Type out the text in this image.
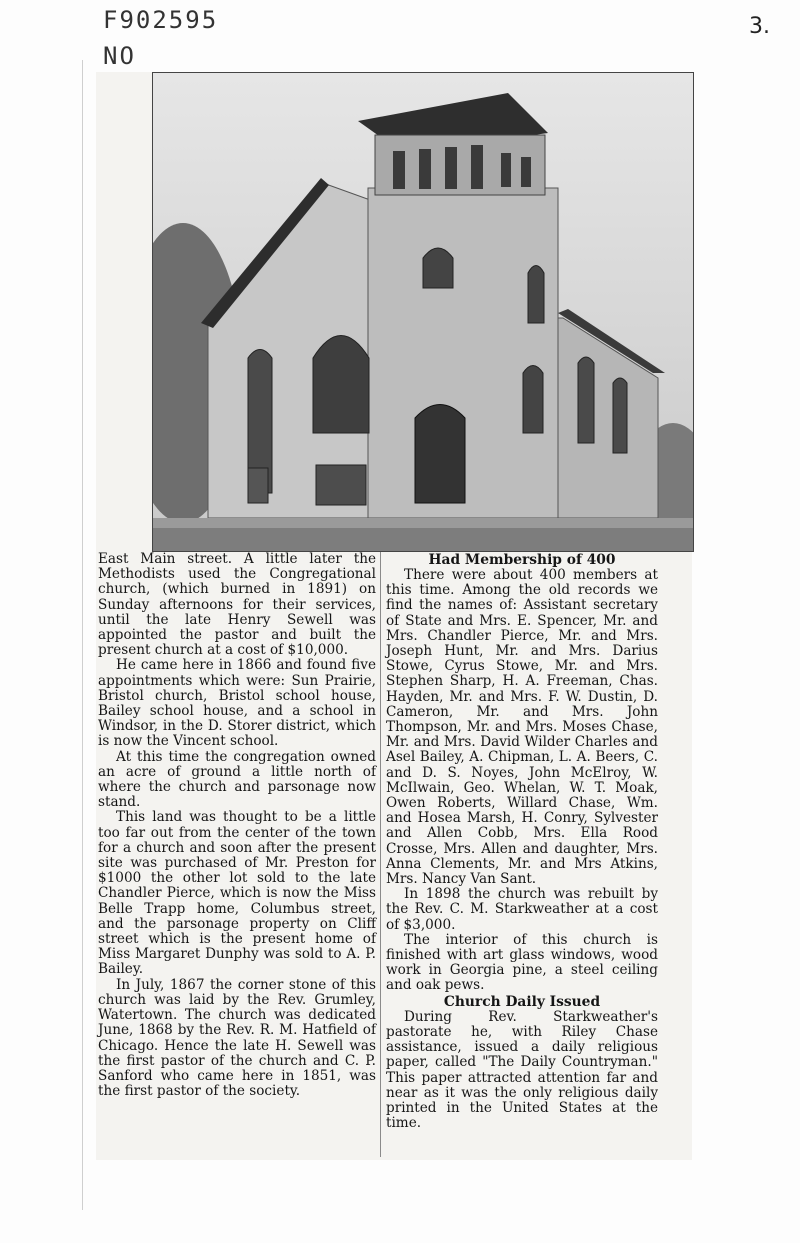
F902595
NO
3.

East Main street. A little later the Methodists used the Congregational church, (which burned in 1891) on Sunday afternoons for their services, until the late Henry Sewell was appointed the pastor and built the present church at a cost of $10,000.

He came here in 1866 and found five appointments which were: Sun Prairie, Bristol church, Bristol school house, Bailey school house, and a school in Windsor, in the D. Storer district, which is now the Vincent school.

At this time the congregation owned an acre of ground a little north of where the church and parsonage now stand.

This land was thought to be a little too far out from the center of the town for a church and soon after the present site was purchased of Mr. Preston for $1000 the other lot sold to the late Chandler Pierce, which is now the Miss Belle Trapp home, Columbus street, and the parsonage property on Cliff street which is the present home of Miss Margaret Dunphy was sold to A. P. Bailey.

In July, 1867 the corner stone of this church was laid by the Rev. Grumley, Watertown. The church was dedicated June, 1868 by the Rev. R. M. Hatfield of Chicago. Hence the late H. Sewell was the first pastor of the church and C. P. Sanford who came here in 1851, was the first pastor of the society.

Had Membership of 400

There were about 400 members at this time. Among the old records we find the names of: Assistant secretary of State and Mrs. E. Spencer, Mr. and Mrs. Chandler Pierce, Mr. and Mrs. Joseph Hunt, Mr. and Mrs. Darius Stowe, Cyrus Stowe, Mr. and Mrs. Stephen Sharp, H. A. Freeman, Chas. Hayden, Mr. and Mrs. F. W. Dustin, D. Cameron, Mr. and Mrs. John Thompson, Mr. and Mrs. Moses Chase, Mr. and Mrs. David Wilder Charles and Asel Bailey, A. Chipman, L. A. Beers, C. and D. S. Noyes, John McElroy, W. McIlwain, Geo. Whelan, W. T. Moak, Owen Roberts, Willard Chase, Wm. and Hosea Marsh, H. Conry, Sylvester and Allen Cobb, Mrs. Ella Rood Crosse, Mrs. Allen and daughter, Mrs. Anna Clements, Mr. and Mrs Atkins, Mrs. Nancy Van Sant.

In 1898 the church was rebuilt by the Rev. C. M. Starkweather at a cost of $3,000.

The interior of this church is finished with art glass windows, wood work in Georgia pine, a steel ceiling and oak pews.

Church Daily Issued

During Rev. Starkweather's pastorate he, with Riley Chase assistance, issued a daily religious paper, called "The Daily Countryman." This paper attracted attention far and near as it was the only religious daily printed in the United States at the time.
